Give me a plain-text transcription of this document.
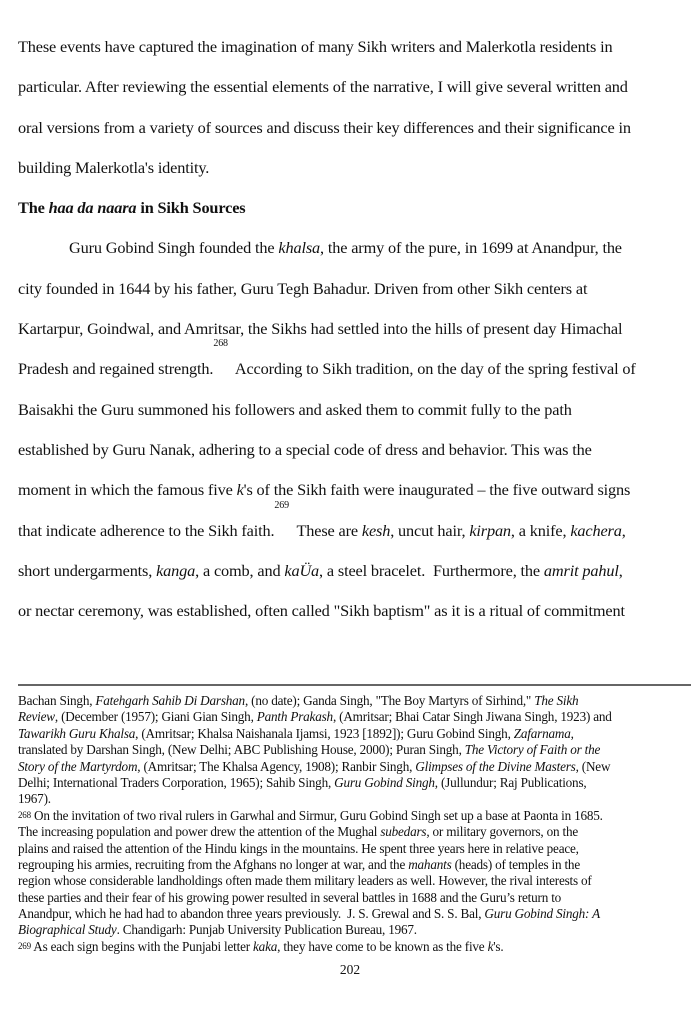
These events have captured the imagination of many Sikh writers and Malerkotla residents in
particular. After reviewing the essential elements of the narrative, I will give several written and
oral versions from a variety of sources and discuss their key differences and their significance in
building Malerkotla's identity.
The haa da naara in Sikh Sources
Guru Gobind Singh founded the khalsa, the army of the pure, in 1699 at Anandpur, the
city founded in 1644 by his father, Guru Tegh Bahadur. Driven from other Sikh centers at
Kartarpur, Goindwal, and Amritsar, the Sikhs had settled into the hills of present day Himachal
Pradesh and regained strength.$^{268}$  According to Sikh tradition, on the day of the spring festival of
Baisakhi the Guru summoned his followers and asked them to commit fully to the path
established by Guru Nanak, adhering to a special code of dress and behavior. This was the
moment in which the famous five k's of the Sikh faith were inaugurated – the five outward signs
that indicate adherence to the Sikh faith.$^{269}$  These are kesh, uncut hair, kirpan, a knife, kachera,
short undergarments, kanga, a comb, and kaÜa, a steel bracelet.  Furthermore, the amrit pahul,
or nectar ceremony, was established, often called "Sikh baptism" as it is a ritual of commitment
Bachan Singh, Fatehgarh Sahib Di Darshan, (no date); Ganda Singh, "The Boy Martyrs of Sirhind," The Sikh
Review, (December (1957); Giani Gian Singh, Panth Prakash, (Amritsar; Bhai Catar Singh Jiwana Singh, 1923) and
Tawarikh Guru Khalsa, (Amritsar; Khalsa Naishanala Ijamsi, 1923 [1892]); Guru Gobind Singh, Zafarnama,
translated by Darshan Singh, (New Delhi; ABC Publishing House, 2000); Puran Singh, The Victory of Faith or the
Story of the Martyrdom, (Amritsar; The Khalsa Agency, 1908); Ranbir Singh, Glimpses of the Divine Masters, (New
Delhi; International Traders Corporation, 1965); Sahib Singh, Guru Gobind Singh, (Jullundur; Raj Publications,
1967).
$^{268}$ On the invitation of two rival rulers in Garwhal and Sirmur, Guru Gobind Singh set up a base at Paonta in 1685.
The increasing population and power drew the attention of the Mughal subedars, or military governors, on the
plains and raised the attention of the Hindu kings in the mountains. He spent three years here in relative peace,
regrouping his armies, recruiting from the Afghans no longer at war, and the mahants (heads) of temples in the
region whose considerable landholdings often made them military leaders as well. However, the rival interests of
these parties and their fear of his growing power resulted in several battles in 1688 and the Guru’s return to
Anandpur, which he had had to abandon three years previously.  J. S. Grewal and S. S. Bal, Guru Gobind Singh: A
Biographical Study. Chandigarh: Punjab University Publication Bureau, 1967.
$^{269}$ As each sign begins with the Punjabi letter kaka, they have come to be known as the five k's.
202
